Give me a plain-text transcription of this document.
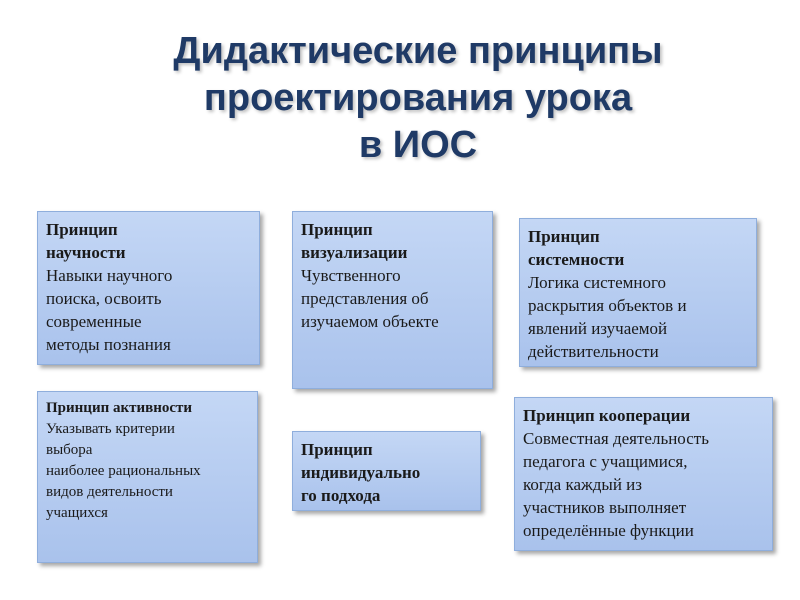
Дидактические принципы
проектирования урока
в ИОС
Принцип
научности
Навыки научного
поиска, освоить
современные
методы познания
Принцип
визуализации
Чувственного
представления об
изучаемом объекте
Принцип
системности
Логика системного
раскрытия объектов и
явлений изучаемой
действительности
Принцип активности
Указывать критерии
выбора
наиболее рациональных
видов деятельности
учащихся
Принцип
индивидуально
го подхода
Принцип кооперации
Совместная деятельность
педагога с учащимися,
когда каждый из
участников выполняет
определённые функции
